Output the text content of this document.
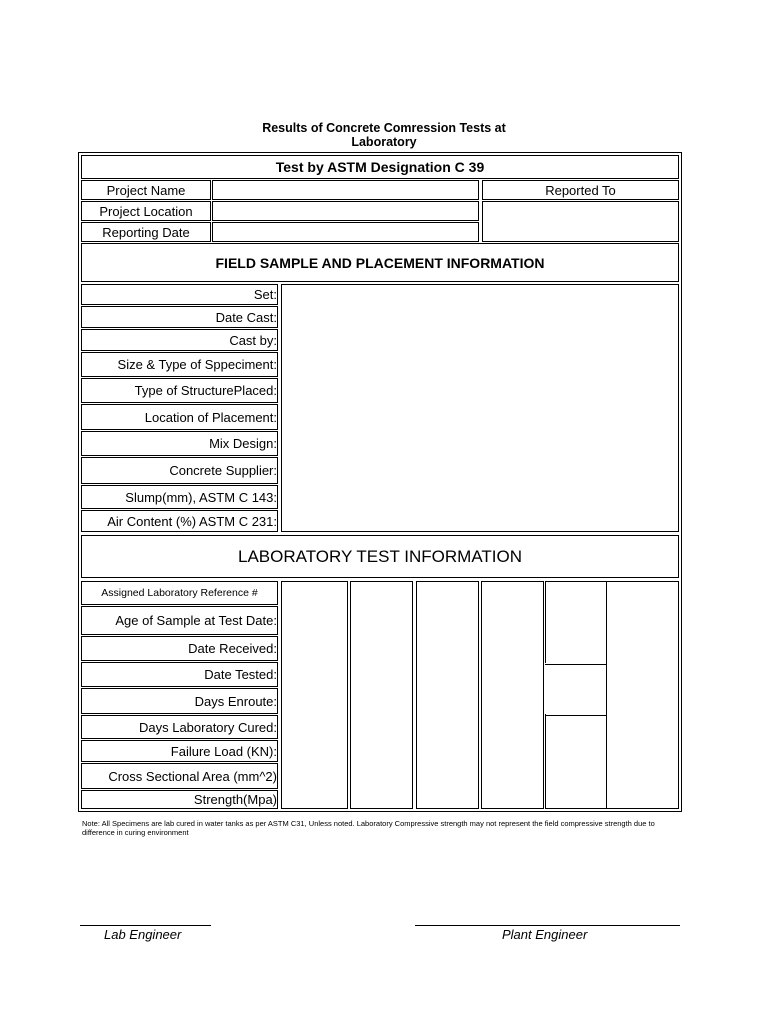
Results of Concrete Comression Tests at
Laboratory
Test by ASTM Designation C 39
Project Name	Reported To
Project Location
Reporting Date
FIELD SAMPLE AND PLACEMENT INFORMATION
Set:
Date Cast:
Cast by:
Size & Type of Sppeciment:
Type of StructurePlaced:
Location of Placement:
Mix Design:
Concrete Supplier:
Slump(mm), ASTM C 143:
Air Content (%) ASTM C 231:
LABORATORY TEST INFORMATION
Assigned Laboratory Reference #
Age of Sample at Test Date:
Date Received:
Date Tested:
Days Enroute:
Days Laboratory Cured:
Failure Load (KN):
Cross Sectional Area (mm^2)
Strength(Mpa)
Note: All Specimens are lab cured in water tanks as per ASTM C31, Unless noted. Laboratory Compressive strength may not represent the field compressive strength due to difference in curing environment
Lab Engineer	Plant Engineer
